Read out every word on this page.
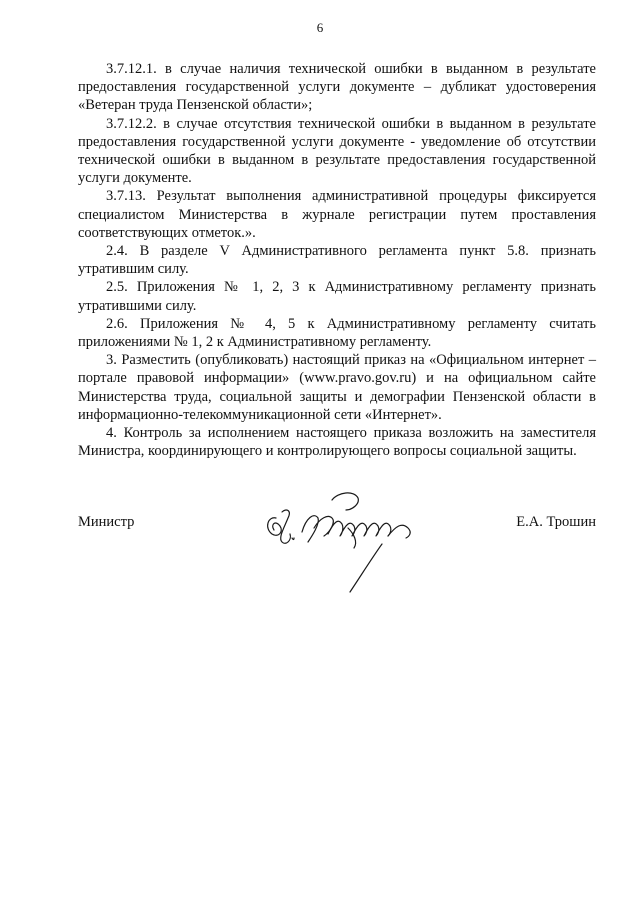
6

3.7.12.1. в случае наличия технической ошибки в выданном в результате предоставления государственной услуги документе – дубликат удостоверения «Ветеран труда Пензенской области»;

3.7.12.2. в случае отсутствия технической ошибки в выданном в результате предоставления государственной услуги документе - уведомление об отсутствии технической ошибки в выданном в результате предоставления государственной услуги документе.

3.7.13. Результат выполнения административной процедуры фиксируется специалистом Министерства в журнале регистрации путем проставления соответствующих отметок.».

2.4. В разделе V Административного регламента пункт 5.8. признать утратившим силу.

2.5. Приложения № 1, 2, 3 к Административному регламенту признать утратившими силу.

2.6. Приложения № 4, 5 к Административному регламенту считать приложениями № 1, 2 к Административному регламенту.

3. Разместить (опубликовать) настоящий приказ на «Официальном интернет – портале правовой информации» (www.pravo.gov.ru) и на официальном сайте Министерства труда, социальной защиты и демографии Пензенской области в информационно-телекоммуникационной сети «Интернет».

4. Контроль за исполнением настоящего приказа возложить на заместителя Министра, координирующего и контролирующего вопросы социальной защиты.

Министр	Е.А. Трошин
